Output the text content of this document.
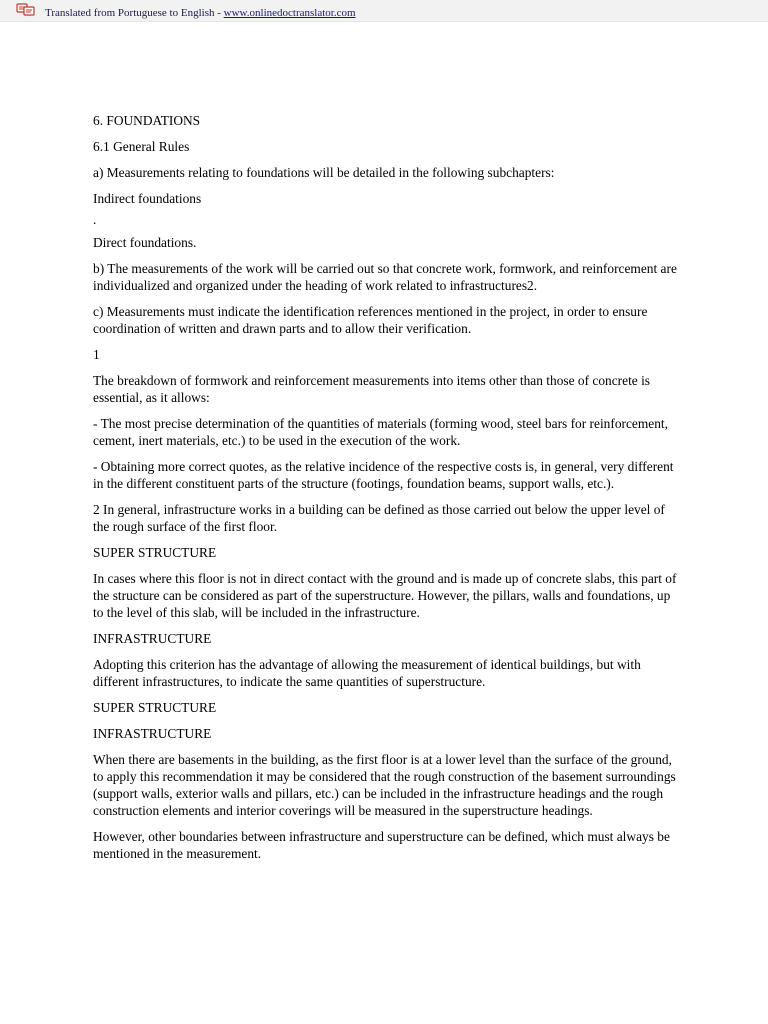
Translated from Portuguese to English - www.onlinedoctranslator.com

6. FOUNDATIONS

6.1 General Rules

a) Measurements relating to foundations will be detailed in the following subchapters:

Indirect foundations

.

Direct foundations.

b) The measurements of the work will be carried out so that concrete work, formwork, and reinforcement are individualized and organized under the heading of work related to infrastructures2.

c) Measurements must indicate the identification references mentioned in the project, in order to ensure coordination of written and drawn parts and to allow their verification.

1

The breakdown of formwork and reinforcement measurements into items other than those of concrete is essential, as it allows:

- The most precise determination of the quantities of materials (forming wood, steel bars for reinforcement, cement, inert materials, etc.) to be used in the execution of the work.

- Obtaining more correct quotes, as the relative incidence of the respective costs is, in general, very different in the different constituent parts of the structure (footings, foundation beams, support walls, etc.).

2 In general, infrastructure works in a building can be defined as those carried out below the upper level of the rough surface of the first floor.

SUPER STRUCTURE

In cases where this floor is not in direct contact with the ground and is made up of concrete slabs, this part of the structure can be considered as part of the superstructure. However, the pillars, walls and foundations, up to the level of this slab, will be included in the infrastructure.

INFRASTRUCTURE

Adopting this criterion has the advantage of allowing the measurement of identical buildings, but with different infrastructures, to indicate the same quantities of superstructure.

SUPER STRUCTURE

INFRASTRUCTURE

When there are basements in the building, as the first floor is at a lower level than the surface of the ground, to apply this recommendation it may be considered that the rough construction of the basement surroundings (support walls, exterior walls and pillars, etc.) can be included in the infrastructure headings and the rough construction elements and interior coverings will be measured in the superstructure headings.

However, other boundaries between infrastructure and superstructure can be defined, which must always be mentioned in the measurement.
